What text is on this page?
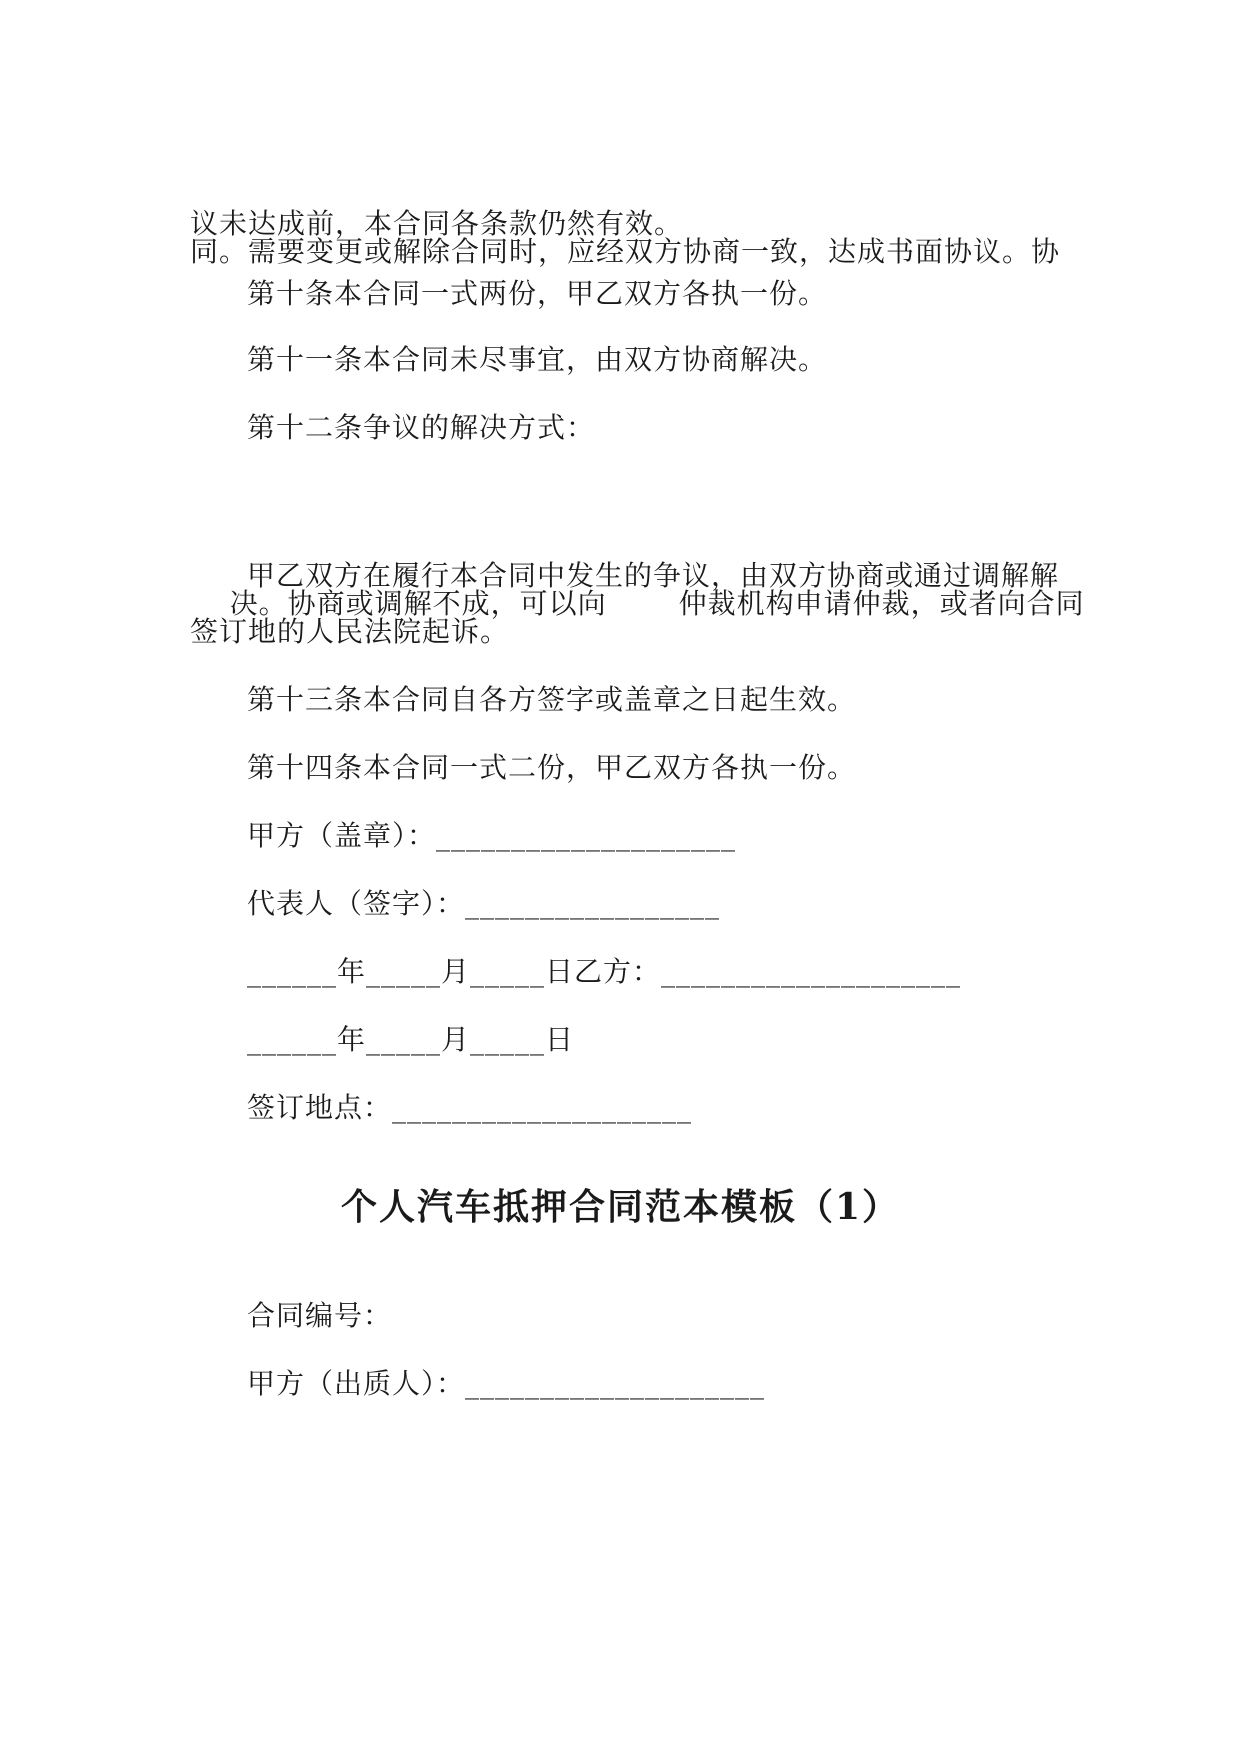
同。需要变更或解除合同时，应经双方协商一致，达成书面协议。协

议未达成前，本合同各条款仍然有效。
第十条本合同一式两份，甲乙双方各执一份。
第十一条本合同未尽事宜，由双方协商解决。
第十二条争议的解决方式：

甲乙双方在履行本合同中发生的争议，由双方协商或通过调解解

决。协商或调解不成，可以向	仲裁机构申请仲裁，或者向合同

签订地的人民法院起诉。
第十三条本合同自各方签字或盖章之日起生效。
第十四条本合同一式二份，甲乙双方各执一份。
甲方（盖章）：____________________
代表人（签字）：_________________
______年_____月_____日乙方：____________________
______年_____月_____日
签订地点：____________________
个人汽车抵押合同范本模板（1）
合同编号：
甲方（出质人）：____________________
